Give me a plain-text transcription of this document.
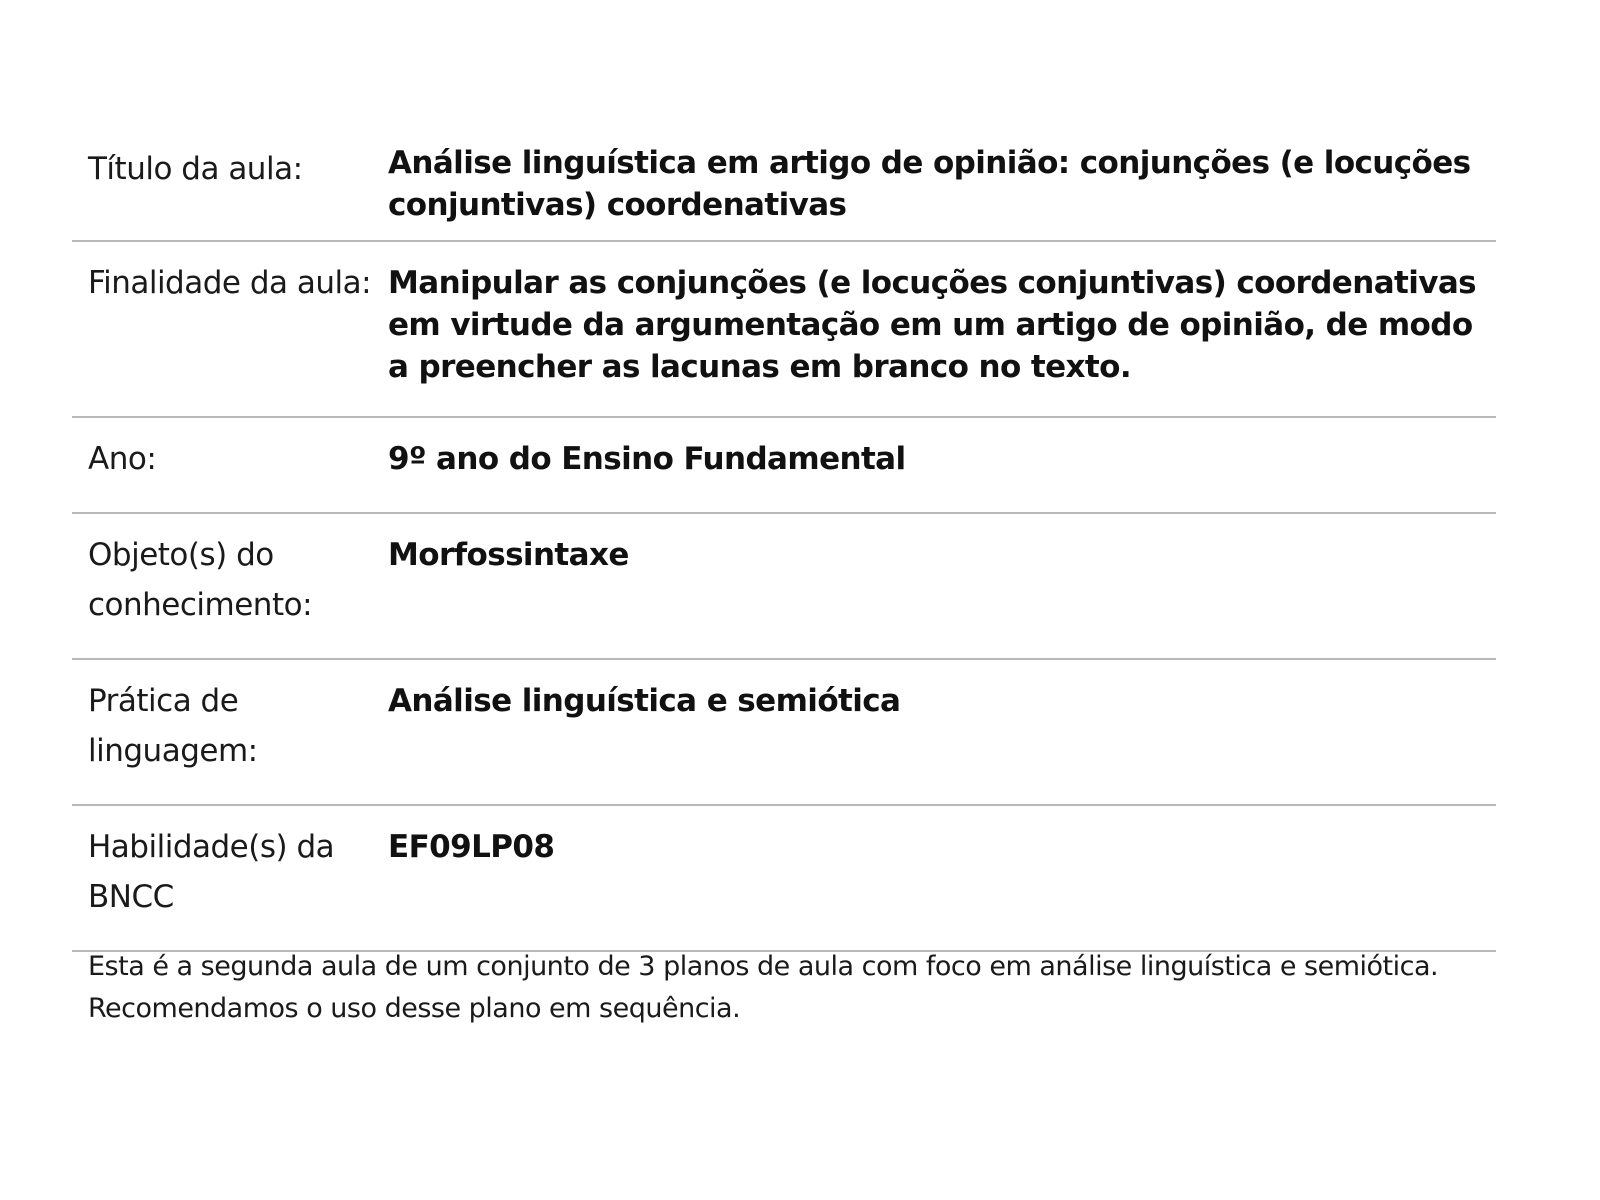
Título da aula:	Análise linguística em artigo de opinião: conjunções (e locuções conjuntivas) coordenativas
Finalidade da aula: Manipular as conjunções (e locuções conjuntivas) coordenativas em virtude da argumentação em um artigo de opinião, de modo a preencher as lacunas em branco no texto.
Ano:	9º ano do Ensino Fundamental
Objeto(s) do conhecimento:
Morfossintaxe
Prática de linguagem:
Análise linguística e semiótica
Habilidade(s) da BNCC
EF09LP08
Esta é a segunda aula de um conjunto de 3 planos de aula com foco em análise linguística e semiótica. Recomendamos o uso desse plano em sequência.
